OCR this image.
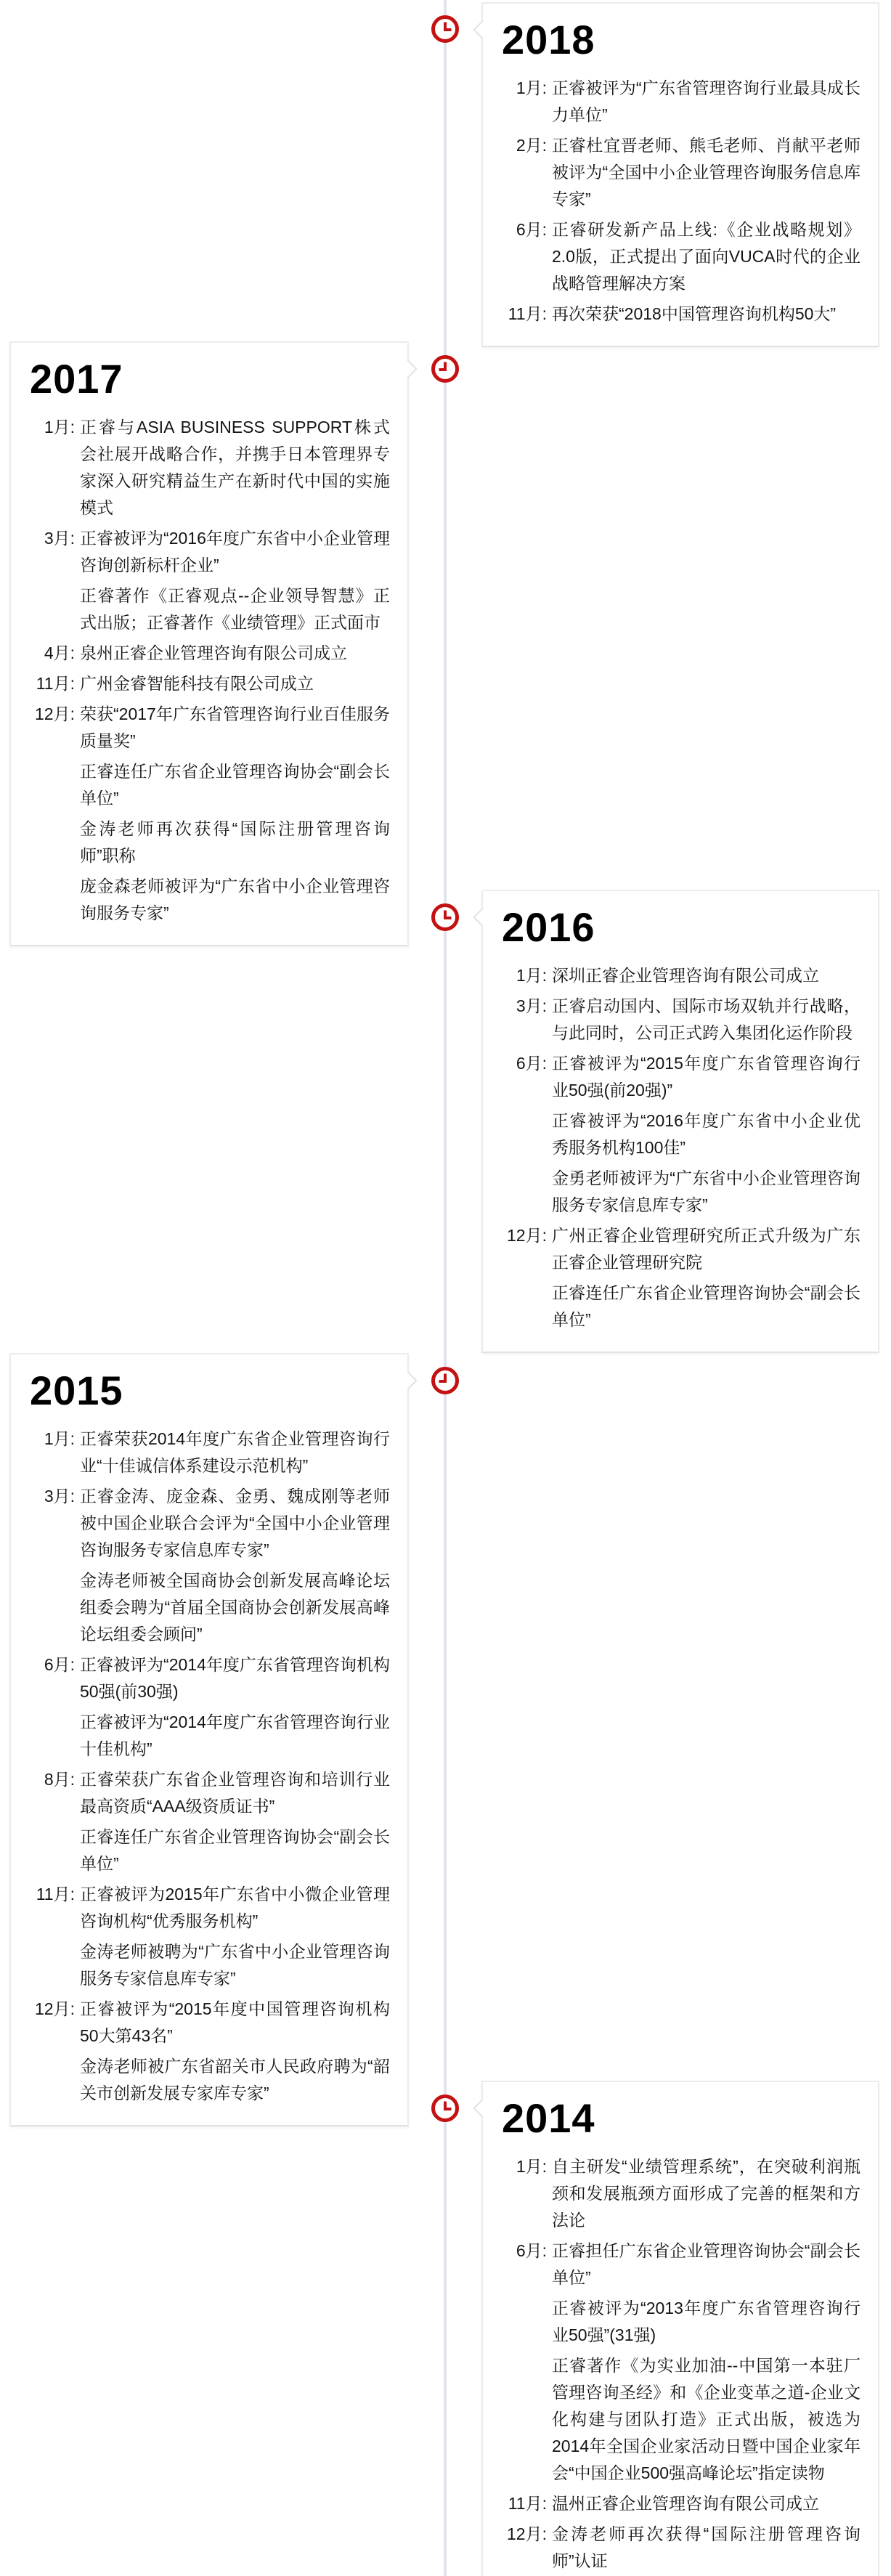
2018
1月: 正睿被评为“广东省管理咨询行业最具成长力单位”

2月: 正睿杜宜晋老师、熊毛老师、肖献平老师被评为“全国中小企业管理咨询服务信息库专家”

6月: 正睿研发新产品上线:《企业战略规划》2.0版，正式提出了面向VUCA时代的企业战略管理解决方案

11月: 再次荣获“2018中国管理咨询机构50大”

2017
1月: 正睿与ASIA BUSINESS SUPPORT株式会社展开战略合作，并携手日本管理界专家深入研究精益生产在新时代中国的实施模式

3月: 正睿被评为“2016年度广东省中小企业管理咨询创新标杆企业”

正睿著作《正睿观点--企业领导智慧》正式出版；正睿著作《业绩管理》正式面市

4月: 泉州正睿企业管理咨询有限公司成立

11月: 广州金睿智能科技有限公司成立

12月: 荣获“2017年广东省管理咨询行业百佳服务质量奖”

正睿连任广东省企业管理咨询协会“副会长单位”

金涛老师再次获得“国际注册管理咨询师”职称

庞金森老师被评为“广东省中小企业管理咨询服务专家”	2016
1月: 深圳正睿企业管理咨询有限公司成立

3月: 正睿启动国内、国际市场双轨并行战略，与此同时，公司正式跨入集团化运作阶段

6月: 正睿被评为“2015年度广东省管理咨询行业50强(前20强)”

正睿被评为“2016年度广东省中小企业优秀服务机构100佳”

金勇老师被评为“广东省中小企业管理咨询服务专家信息库专家”

12月: 广州正睿企业管理研究所正式升级为广东正睿企业管理研究院

正睿连任广东省企业管理咨询协会“副会长单位”

2015
1月: 正睿荣获2014年度广东省企业管理咨询行业“十佳诚信体系建设示范机构”

3月: 正睿金涛、庞金森、金勇、魏成刚等老师被中国企业联合会评为“全国中小企业管理咨询服务专家信息库专家”

金涛老师被全国商协会创新发展高峰论坛组委会聘为“首届全国商协会创新发展高峰论坛组委会顾问”

6月: 正睿被评为“2014年度广东省管理咨询机构50强(前30强)

正睿被评为“2014年度广东省管理咨询行业十佳机构”

8月: 正睿荣获广东省企业管理咨询和培训行业最高资质“AAA级资质证书”

正睿连任广东省企业管理咨询协会“副会长单位”

11月: 正睿被评为2015年广东省中小微企业管理咨询机构“优秀服务机构”

金涛老师被聘为“广东省中小企业管理咨询服务专家信息库专家”

12月: 正睿被评为“2015年度中国管理咨询机构50大第43名”

金涛老师被广东省韶关市人民政府聘为“韶关市创新发展专家库专家”

2014
1月: 自主研发“业绩管理系统”，在突破利润瓶颈和发展瓶颈方面形成了完善的框架和方法论

6月: 正睿担任广东省企业管理咨询协会“副会长单位”

正睿被评为“2013年度广东省管理咨询行业50强”(31强)

正睿著作《为实业加油--中国第一本驻厂管理咨询圣经》和《企业变革之道-企业文化构建与团队打造》正式出版，被选为2014年全国企业家活动日暨中国企业家年会“中国企业500强高峰论坛”指定读物

11月: 温州正睿企业管理咨询有限公司成立

12月: 金涛老师再次获得“国际注册管理咨询师”认证
